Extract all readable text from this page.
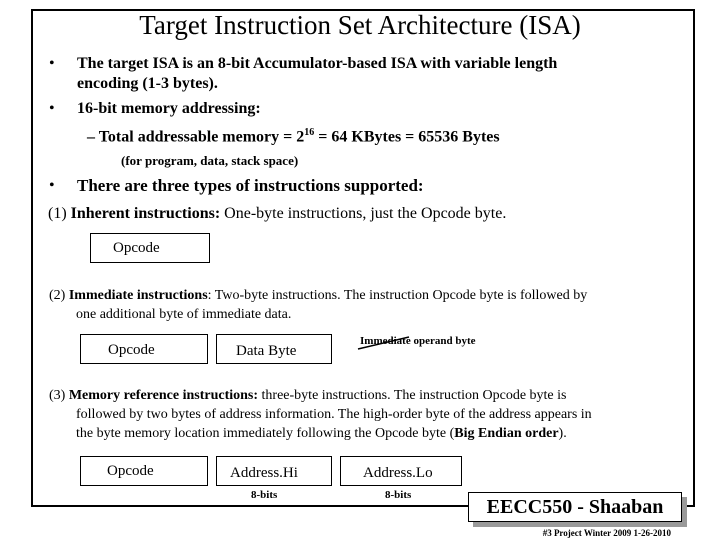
Target Instruction Set Architecture (ISA)
• The target ISA is an 8-bit Accumulator-based ISA with variable length
encoding (1-3 bytes).
• 16-bit memory addressing:
– Total addressable memory = $2^{16} = 64$ KBytes = 65536 Bytes
(for program, data, stack space)
• There are three types of instructions supported:
(1) Inherent instructions: One-byte instructions, just the Opcode byte.
Opcode
(2) Immediate instructions: Two-byte instructions. The instruction Opcode byte is followed by
one additional byte of immediate data.
Opcode	Data Byte
Immediate operand byte
(3) Memory reference instructions: three-byte instructions. The instruction Opcode byte is
followed by two bytes of address information. The high-order byte of the address appears in
the byte memory location immediately following the Opcode byte (Big Endian order).
Opcode	Address.Hi	Address.Lo
8-bits	8-bits
EECC550 - Shaaban
#3 Project Winter 2009 1-26-2010
